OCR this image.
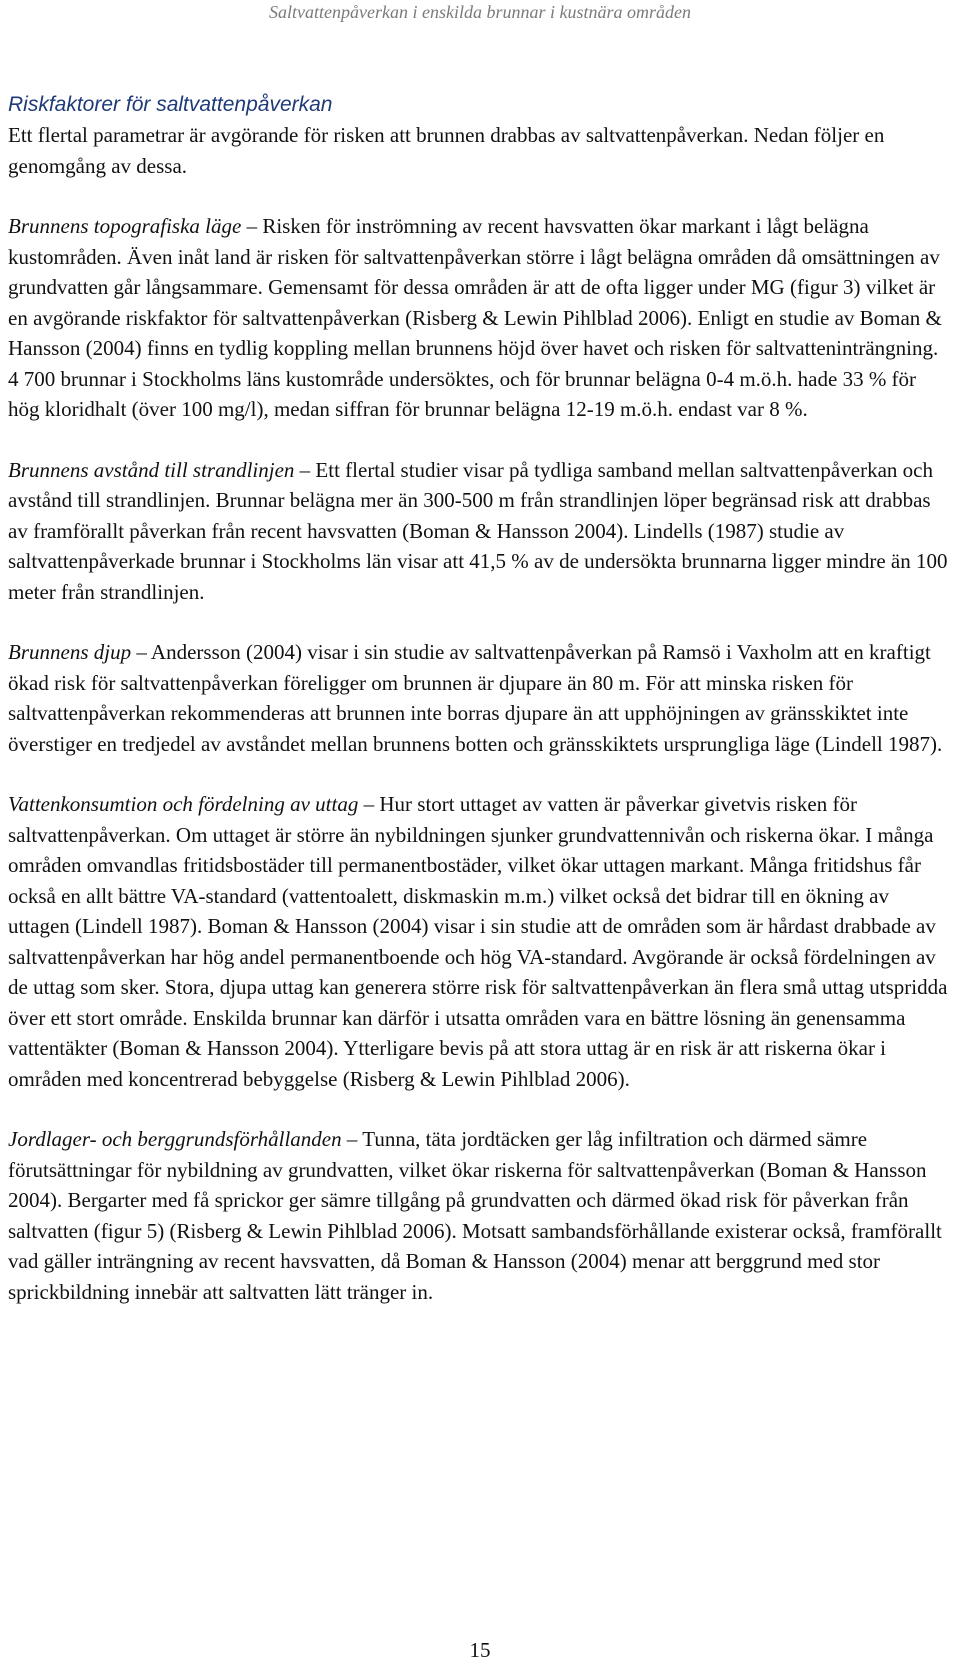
Saltvattenpåverkan i enskilda brunnar i kustnära områden
Riskfaktorer för saltvattenpåverkan

Ett flertal parametrar är avgörande för risken att brunnen drabbas av saltvattenpåverkan. Nedan följer en genomgång av dessa.

Brunnens topografiska läge – Risken för inströmning av recent havsvatten ökar markant i lågt belägna kustområden. Även inåt land är risken för saltvattenpåverkan större i lågt belägna områden då omsättningen av grundvatten går långsammare. Gemensamt för dessa områden är att de ofta ligger under MG (figur 3) vilket är en avgörande riskfaktor för saltvattenpåverkan (Risberg & Lewin Pihlblad 2006). Enligt en studie av Boman & Hansson (2004) finns en tydlig koppling mellan brunnens höjd över havet och risken för saltvatteninträngning. 4 700 brunnar i Stockholms läns kustområde undersöktes, och för brunnar belägna 0-4 m.ö.h. hade 33 % för hög kloridhalt (över 100 mg/l), medan siffran för brunnar belägna 12-19 m.ö.h. endast var 8 %.

Brunnens avstånd till strandlinjen – Ett flertal studier visar på tydliga samband mellan saltvattenpåverkan och avstånd till strandlinjen. Brunnar belägna mer än 300-500 m från strandlinjen löper begränsad risk att drabbas av framförallt påverkan från recent havsvatten (Boman & Hansson 2004). Lindells (1987) studie av saltvattenpåverkade brunnar i Stockholms län visar att 41,5 % av de undersökta brunnarna ligger mindre än 100 meter från strandlinjen.

Brunnens djup – Andersson (2004) visar i sin studie av saltvattenpåverkan på Ramsö i Vaxholm att en kraftigt ökad risk för saltvattenpåverkan föreligger om brunnen är djupare än 80 m. För att minska risken för saltvattenpåverkan rekommenderas att brunnen inte borras djupare än att upphöjningen av gränsskiktet inte överstiger en tredjedel av avståndet mellan brunnens botten och gränsskiktets ursprungliga läge (Lindell 1987).

Vattenkonsumtion och fördelning av uttag – Hur stort uttaget av vatten är påverkar givetvis risken för saltvattenpåverkan. Om uttaget är större än nybildningen sjunker grundvattennivån och riskerna ökar. I många områden omvandlas fritidsbostäder till permanentbostäder, vilket ökar uttagen markant. Många fritidshus får också en allt bättre VA-standard (vattentoalett, diskmaskin m.m.) vilket också det bidrar till en ökning av uttagen (Lindell 1987). Boman & Hansson (2004) visar i sin studie att de områden som är hårdast drabbade av saltvattenpåverkan har hög andel permanentboende och hög VA-standard. Avgörande är också fördelningen av de uttag som sker. Stora, djupa uttag kan generera större risk för saltvattenpåverkan än flera små uttag utspridda över ett stort område. Enskilda brunnar kan därför i utsatta områden vara en bättre lösning än genensamma vattentäkter (Boman & Hansson 2004). Ytterligare bevis på att stora uttag är en risk är att riskerna ökar i områden med koncentrerad bebyggelse (Risberg & Lewin Pihlblad 2006).

Jordlager- och berggrundsförhållanden – Tunna, täta jordtäcken ger låg infiltration och därmed sämre förutsättningar för nybildning av grundvatten, vilket ökar riskerna för saltvattenpåverkan (Boman & Hansson 2004). Bergarter med få sprickor ger sämre tillgång på grundvatten och därmed ökad risk för påverkan från saltvatten (figur 5) (Risberg & Lewin Pihlblad 2006). Motsatt sambandsförhållande existerar också, framförallt vad gäller inträngning av recent havsvatten, då Boman & Hansson (2004) menar att berggrund med stor sprickbildning innebär att saltvatten lätt tränger in.

15
